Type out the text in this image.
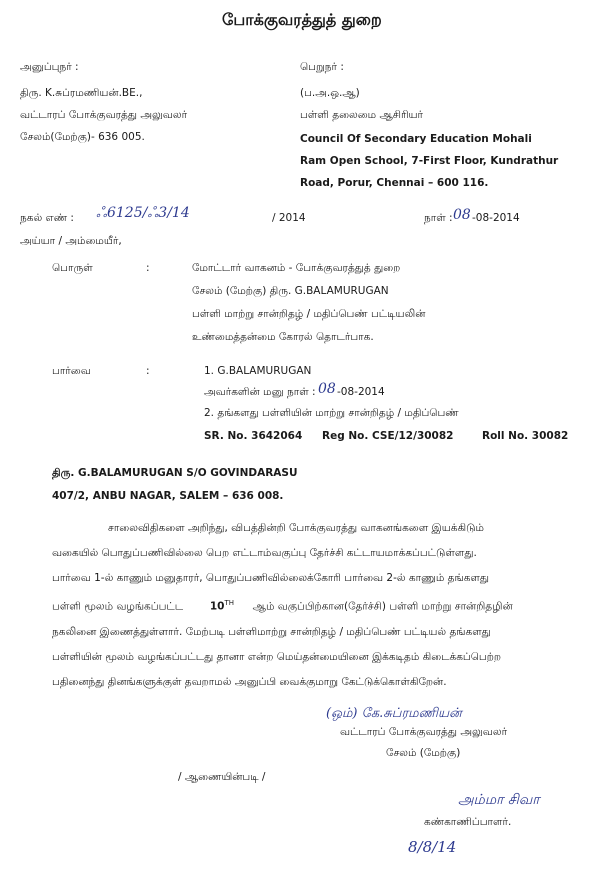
போக்குவரத்துத் துறை
அனுப்புநர் :
திரு. K.சுப்ரமணியன்.BE.,
வட்டாரப் போக்குவரத்து அலுவலர்
சேலம்(மேற்கு)- 636 005.
பெறுநர் :
(ப.அ.ஒ.ஆ)
பள்ளி தலைமை ஆசிரியர்
Council Of Secondary Education Mohali
Ram Open School, 7-First Floor, Kundrathur
Road, Porur, Chennai – 600 116.
நகல் எண் : ஃ6125/ஃ3/14	/ 2014	நாள் : 08 -08-2014
அய்யா / அம்மையீர்,
பொருள்	:	மோட்டார் வாகனம் - போக்குவரத்துத் துறை
சேலம் (மேற்கு) திரு. G.BALAMURUGAN
பள்ளி மாற்று சான்றிதழ் / மதிப்பெண் பட்டியலின்
உண்மைத்தன்மை கோரல் தொடர்பாக.
பார்வை	:	1. G.BALAMURUGAN
அவர்களின் மனு நாள் : 08 -08-2014
2. தங்களது பள்ளியின் மாற்று சான்றிதழ் / மதிப்பெண்
SR. No. 3642064 Reg No. CSE/12/30082	Roll No. 30082
திரு. G.BALAMURUGAN S/O GOVINDARASU
407/2, ANBU NAGAR, SALEM – 636 008.

சாலைவிதிகளை அறிந்து, விபத்தின்றி போக்குவரத்து வாகனங்களை இயக்கிடும்

வகையில் பொதுப்பணிவில்லை பெற எட்டாம்வகுப்பு தேர்ச்சி கட்டாயமாக்கப்பட்டுள்ளது.

பார்வை 1-ல் காணும் மனுதாரர், பொதுப்பணிவில்லைக்கோரி பார்வை 2-ல் காணும் தங்களது

பள்ளி மூலம் வழங்கப்பட்ட	10TH ஆம் வகுப்பிற்கான(தேர்ச்சி) பள்ளி மாற்று சான்றிதழின்

நகலினை இணைத்துள்ளார். மேற்படி பள்ளிமாற்று சான்றிதழ் / மதிப்பெண் பட்டியல் தங்களது

பள்ளியின் மூலம் வழங்கப்பட்டது தானா என்ற மெய்தன்மையினை இக்கடிதம் கிடைக்கப்பெற்ற

பதினைந்து தினங்களுக்குள் தவறாமல் அனுப்பி வைக்குமாறு கேட்டுக்கொள்கிறேன்.

(ஒம்) கே.சுப்ரமணியன்
வட்டாரப் போக்குவரத்து அலுவலர்
சேலம் (மேற்கு)
/ ஆணையின்படி /
அம்மா சிவா
கண்காணிப்பாளர்.
8/8/14
